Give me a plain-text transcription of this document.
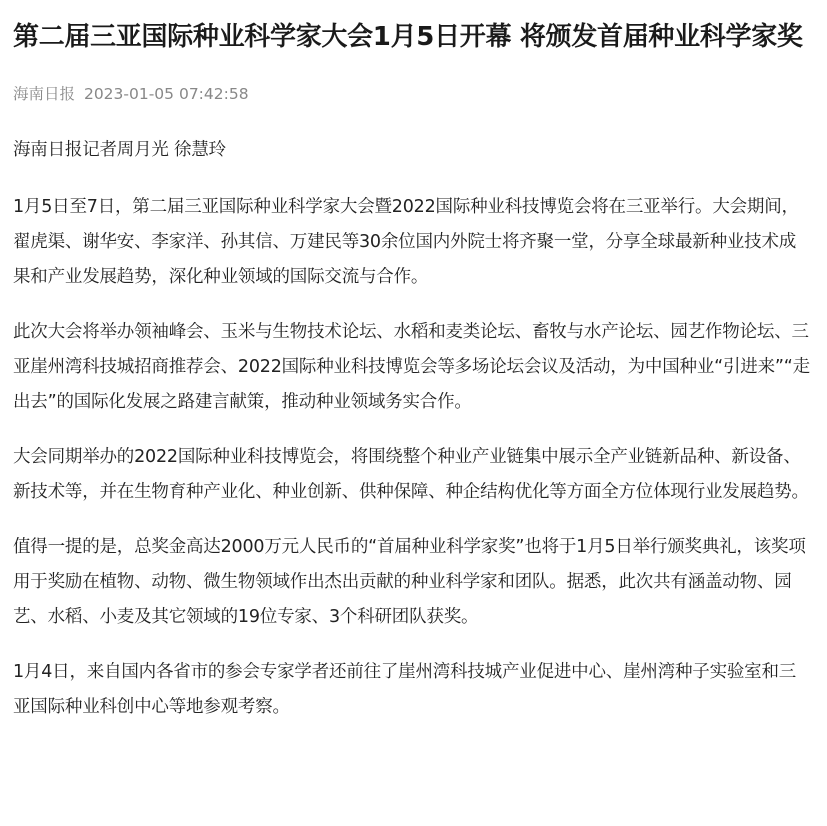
第二届三亚国际种业科学家大会1月5日开幕 将颁发首届种业科学家奖
海南日报 2023-01-05 07:42:58

海南日报记者周月光 徐慧玲

1月5日至7日，第二届三亚国际种业科学家大会暨2022国际种业科技博览会将在三亚举行。大会期间，翟虎渠、谢华安、李家洋、孙其信、万建民等30余位国内外院士将齐聚一堂，分享全球最新种业技术成果和产业发展趋势，深化种业领域的国际交流与合作。

此次大会将举办领袖峰会、玉米与生物技术论坛、水稻和麦类论坛、畜牧与水产论坛、园艺作物论坛、三亚崖州湾科技城招商推荐会、2022国际种业科技博览会等多场论坛会议及活动，为中国种业“引进来”“走出去”的国际化发展之路建言献策，推动种业领域务实合作。

大会同期举办的2022国际种业科技博览会，将围绕整个种业产业链集中展示全产业链新品种、新设备、新技术等，并在生物育种产业化、种业创新、供种保障、种企结构优化等方面全方位体现行业发展趋势。

值得一提的是，总奖金高达2000万元人民币的“首届种业科学家奖”也将于1月5日举行颁奖典礼，该奖项用于奖励在植物、动物、微生物领域作出杰出贡献的种业科学家和团队。据悉，此次共有涵盖动物、园艺、水稻、小麦及其它领域的19位专家、3个科研团队获奖。

1月4日，来自国内各省市的参会专家学者还前往了崖州湾科技城产业促进中心、崖州湾种子实验室和三亚国际种业科创中心等地参观考察。
